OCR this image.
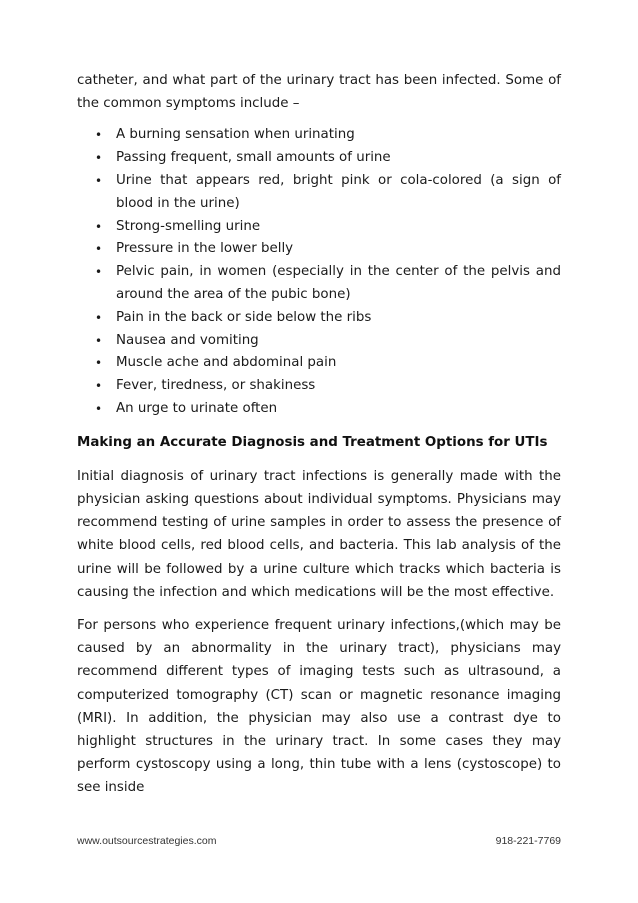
catheter, and what part of the urinary tract has been infected. Some of the common symptoms include –

• A burning sensation when urinating
• Passing frequent, small amounts of urine
• Urine that appears red, bright pink or cola-colored (a sign of blood in the urine)
• Strong-smelling urine
• Pressure in the lower belly
• Pelvic pain, in women (especially in the center of the pelvis and around the area of the pubic bone)
• Pain in the back or side below the ribs
• Nausea and vomiting
• Muscle ache and abdominal pain
• Fever, tiredness, or shakiness
• An urge to urinate often
Making an Accurate Diagnosis and Treatment Options for UTIs

Initial diagnosis of urinary tract infections is generally made with the physician asking questions about individual symptoms. Physicians may recommend testing of urine samples in order to assess the presence of white blood cells, red blood cells, and bacteria. This lab analysis of the urine will be followed by a urine culture which tracks which bacteria is causing the infection and which medications will be the most effective.

For persons who experience frequent urinary infections,(which may be caused by an abnormality in the urinary tract), physicians may recommend different types of imaging tests such as ultrasound, a computerized tomography (CT) scan or magnetic resonance imaging (MRI). In addition, the physician may also use a contrast dye to highlight structures in the urinary tract. In some cases they may perform cystoscopy using a long, thin tube with a lens (cystoscope) to see inside

www.outsourcestrategies.com	918-221-7769
